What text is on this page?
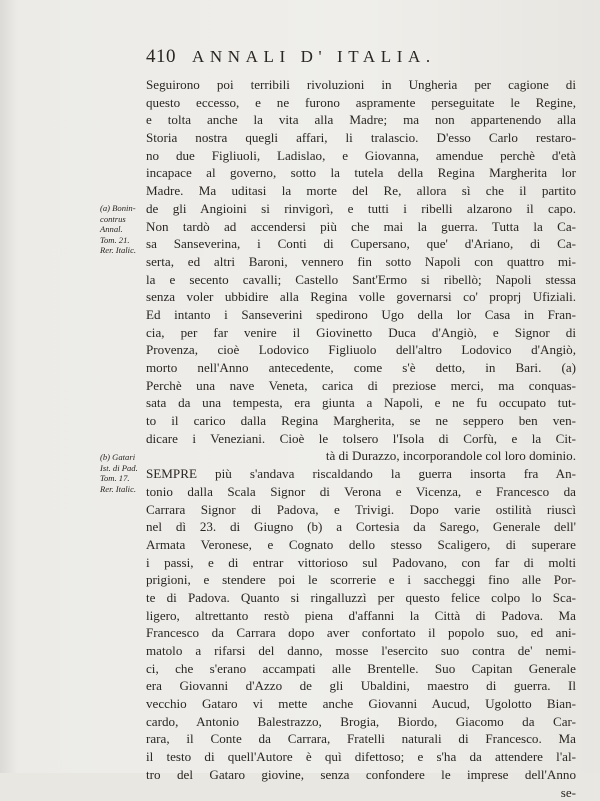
410 ANNALI D' ITALIA.
(a) Bonin-
contrus
Annal.
Tom. 21.
Rer. Italic.
(b) Gatari
Ist. di Pad.
Tom. 17.
Rer. Italic.
Seguirono poi terribili rivoluzioni in Ungheria per cagione di
questo eccesso, e ne furono aspramente perseguitate le Regine,
e tolta anche la vita alla Madre; ma non appartenendo alla
Storia nostra quegli affari, li tralascio. D'esso Carlo restaro-
no due Figliuoli, Ladislao, e Giovanna, amendue perchè d'età
incapace al governo, sotto la tutela della Regina Margherita lor
Madre. Ma uditasi la morte del Re, allora sì che il partito
de gli Angioini si rinvigorì, e tutti i ribelli alzarono il capo.
Non tardò ad accendersi più che mai la guerra. Tutta la Ca-
sa Sanseverina, i Conti di Cupersano, que' d'Ariano, di Ca-
serta, ed altri Baroni, vennero fin sotto Napoli con quattro mi-
la e secento cavalli; Castello Sant'Ermo si ribellò; Napoli stessa
senza voler ubbidire alla Regina volle governarsi co' proprj Ufiziali.
Ed intanto i Sanseverini spedirono Ugo della lor Casa in Fran-
cia, per far venire il Giovinetto Duca d'Angiò, e Signor di
Provenza, cioè Lodovico Figliuolo dell'altro Lodovico d'Angiò,
morto nell'Anno antecedente, come s'è detto, in Bari. (a)
Perchè una nave Veneta, carica di preziose merci, ma conquas-
sata da una tempesta, era giunta a Napoli, e ne fu occupato tut-
to il carico dalla Regina Margherita, se ne seppero ben ven-
dicare i Veneziani. Cioè le tolsero l'Isola di Corfù, e la Cit-
tà di Durazzo, incorporandole col loro dominio.
SEMPRE più s'andava riscaldando la guerra insorta fra An-
tonio dalla Scala Signor di Verona e Vicenza, e Francesco da
Carrara Signor di Padova, e Trivigi. Dopo varie ostilità riuscì
nel dì 23. di Giugno (b) a Cortesia da Sarego, Generale dell'
Armata Veronese, e Cognato dello stesso Scaligero, di superare
i passi, e di entrar vittorioso sul Padovano, con far di molti
prigioni, e stendere poi le scorrerie e i saccheggi fino alle Por-
te di Padova. Quanto si ringalluzzì per questo felice colpo lo Sca-
ligero, altrettanto restò piena d'affanni la Città di Padova. Ma
Francesco da Carrara dopo aver confortato il popolo suo, ed ani-
matolo a rifarsi del danno, mosse l'esercito suo contra de' nemi-
ci, che s'erano accampati alle Brentelle. Suo Capitan Generale
era Giovanni d'Azzo de gli Ubaldini, maestro di guerra. Il
vecchio Gataro vi mette anche Giovanni Aucud, Ugolotto Bian-
cardo, Antonio Balestrazzo, Brogia, Biordo, Giacomo da Car-
rara, il Conte da Carrara, Fratelli naturali di Francesco. Ma
il testo di quell'Autore è quì difettoso; e s'ha da attendere l'al-
tro del Gataro giovine, senza confondere le imprese dell'Anno
se-
